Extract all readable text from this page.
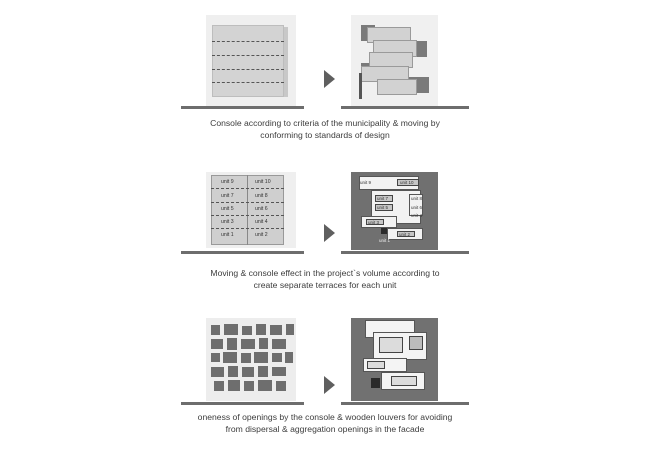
Console according to criteria of the municipality & moving by
conforming to standards of design
unit 9	unit 10
unit 7	unit 8
unit 5	unit 6
unit 3	unit 4
unit 1	unit 2
unit 9	unit 10
unit 7	unit 8
unit 5	unit 6
unit 3
unit 4
unit 1
unit 2
Moving & console effect in the project`s volume according to
create separate terraces for each unit
oneness of openings by the console & wooden louvers for avoiding
from dispersal & aggregation openings in the facade
